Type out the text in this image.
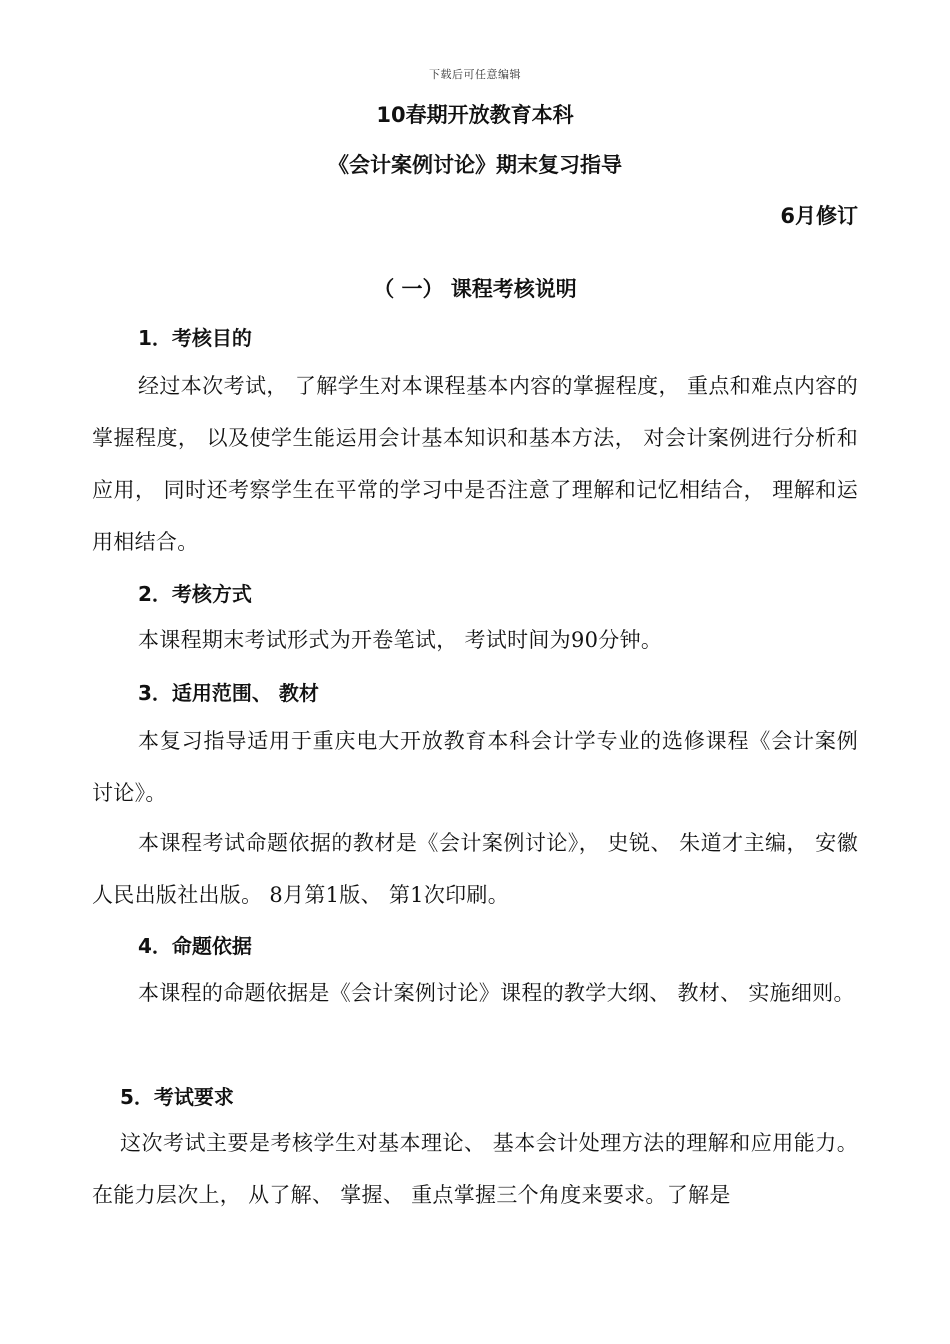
下载后可任意编辑
10春期开放教育本科
《会计案例讨论》期末复习指导
6月修订
（ 一） 课程考核说明
1．考核目的
经过本次考试， 了解学生对本课程基本内容的掌握程度， 重点和难点内容的掌握程度， 以及使学生能运用会计基本知识和基本方法， 对会计案例进行分析和应用， 同时还考察学生在平常的学习中是否注意了理解和记忆相结合， 理解和运用相结合。
2．考核方式
本课程期末考试形式为开卷笔试， 考试时间为90分钟。
3．适用范围、 教材
本复习指导适用于重庆电大开放教育本科会计学专业的选修课程《会计案例讨论》。
本课程考试命题依据的教材是《会计案例讨论》， 史锐、 朱道才主编， 安徽人民出版社出版。 8月第1版、 第1次印刷。
4．命题依据
本课程的命题依据是《会计案例讨论》课程的教学大纲、 教材、 实施细则。
5．考试要求
这次考试主要是考核学生对基本理论、 基本会计处理方法的理解和应用能力。在能力层次上， 从了解、 掌握、 重点掌握三个角度来要求。了解是
